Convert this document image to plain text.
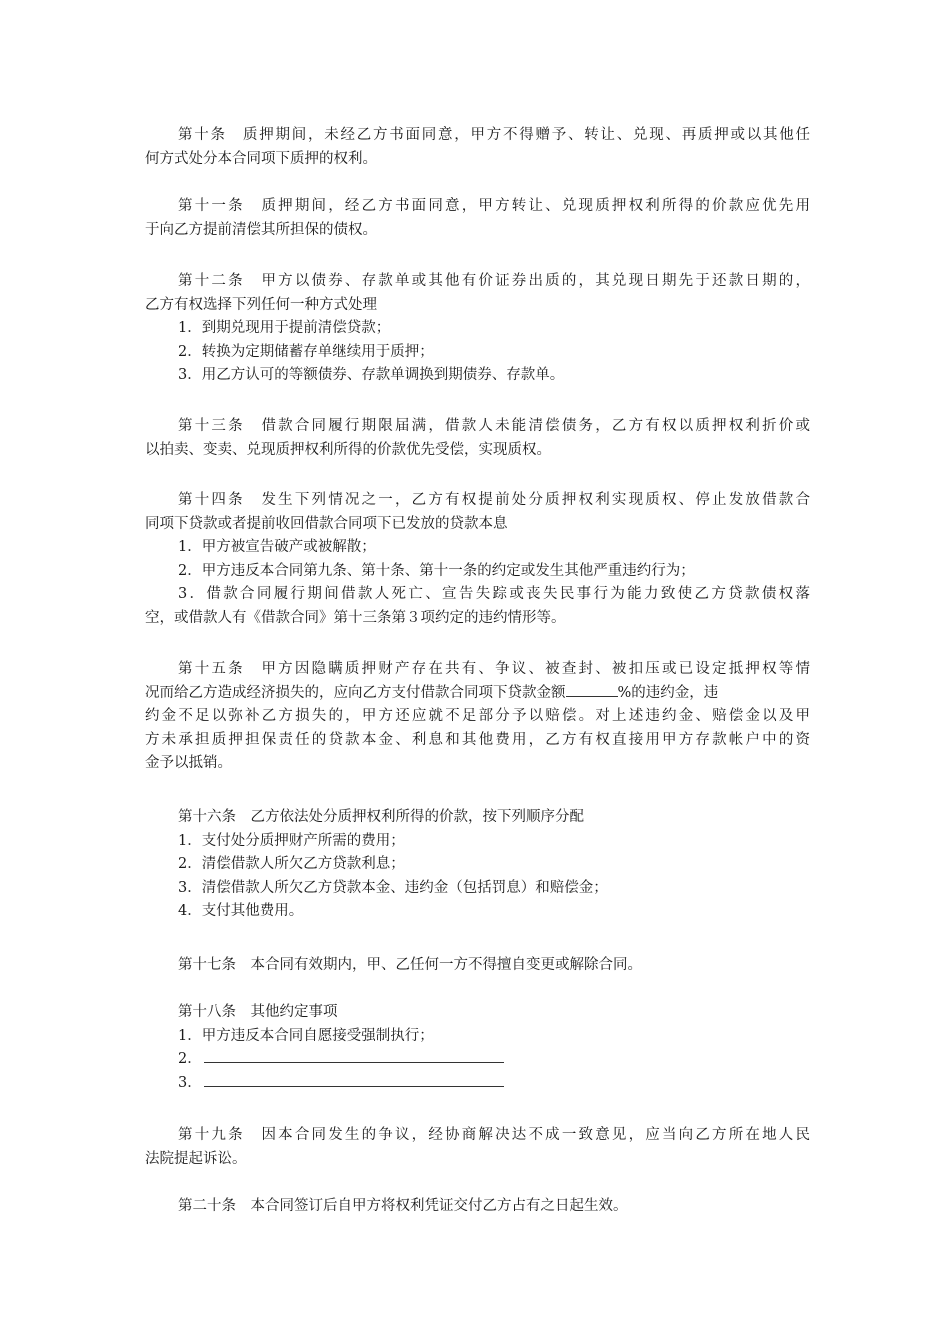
第十条　质押期间，未经乙方书面同意，甲方不得赠予、转让、兑现、再质押或以其他任
何方式处分本合同项下质押的权利。
第十一条　质押期间，经乙方书面同意，甲方转让、兑现质押权利所得的价款应优先用
于向乙方提前清偿其所担保的债权。
第十二条　甲方以债券、存款单或其他有价证券出质的，其兑现日期先于还款日期的，
乙方有权选择下列任何一种方式处理
1．到期兑现用于提前清偿贷款；
2．转换为定期储蓄存单继续用于质押；
3．用乙方认可的等额债券、存款单调换到期债券、存款单。
第十三条　借款合同履行期限届满，借款人未能清偿债务，乙方有权以质押权利折价或
以拍卖、变卖、兑现质押权利所得的价款优先受偿，实现质权。
第十四条　发生下列情况之一，乙方有权提前处分质押权利实现质权、停止发放借款合
同项下贷款或者提前收回借款合同项下已发放的贷款本息
1．甲方被宣告破产或被解散；
2．甲方违反本合同第九条、第十条、第十一条的约定或发生其他严重违约行为；
3．借款合同履行期间借款人死亡、宣告失踪或丧失民事行为能力致使乙方贷款债权落
空，或借款人有《借款合同》第十三条第３项约定的违约情形等。
第十五条　甲方因隐瞒质押财产存在共有、争议、被查封、被扣压或已设定抵押权等情
况而给乙方造成经济损失的，应向乙方支付借款合同项下贷款金额	%的违约金，违
约金不足以弥补乙方损失的，甲方还应就不足部分予以赔偿。对上述违约金、赔偿金以及甲
方未承担质押担保责任的贷款本金、利息和其他费用，乙方有权直接用甲方存款帐户中的资
金予以抵销。
第十六条　乙方依法处分质押权利所得的价款，按下列顺序分配
1．支付处分质押财产所需的费用；
2．清偿借款人所欠乙方贷款利息；
3．清偿借款人所欠乙方贷款本金、违约金（包括罚息）和赔偿金；
4．支付其他费用。
第十七条　本合同有效期内，甲、乙任何一方不得擅自变更或解除合同。
第十八条　其他约定事项
1．甲方违反本合同自愿接受强制执行；
2．
3．
第十九条　因本合同发生的争议，经协商解决达不成一致意见，应当向乙方所在地人民
法院提起诉讼。
第二十条　本合同签订后自甲方将权利凭证交付乙方占有之日起生效。
